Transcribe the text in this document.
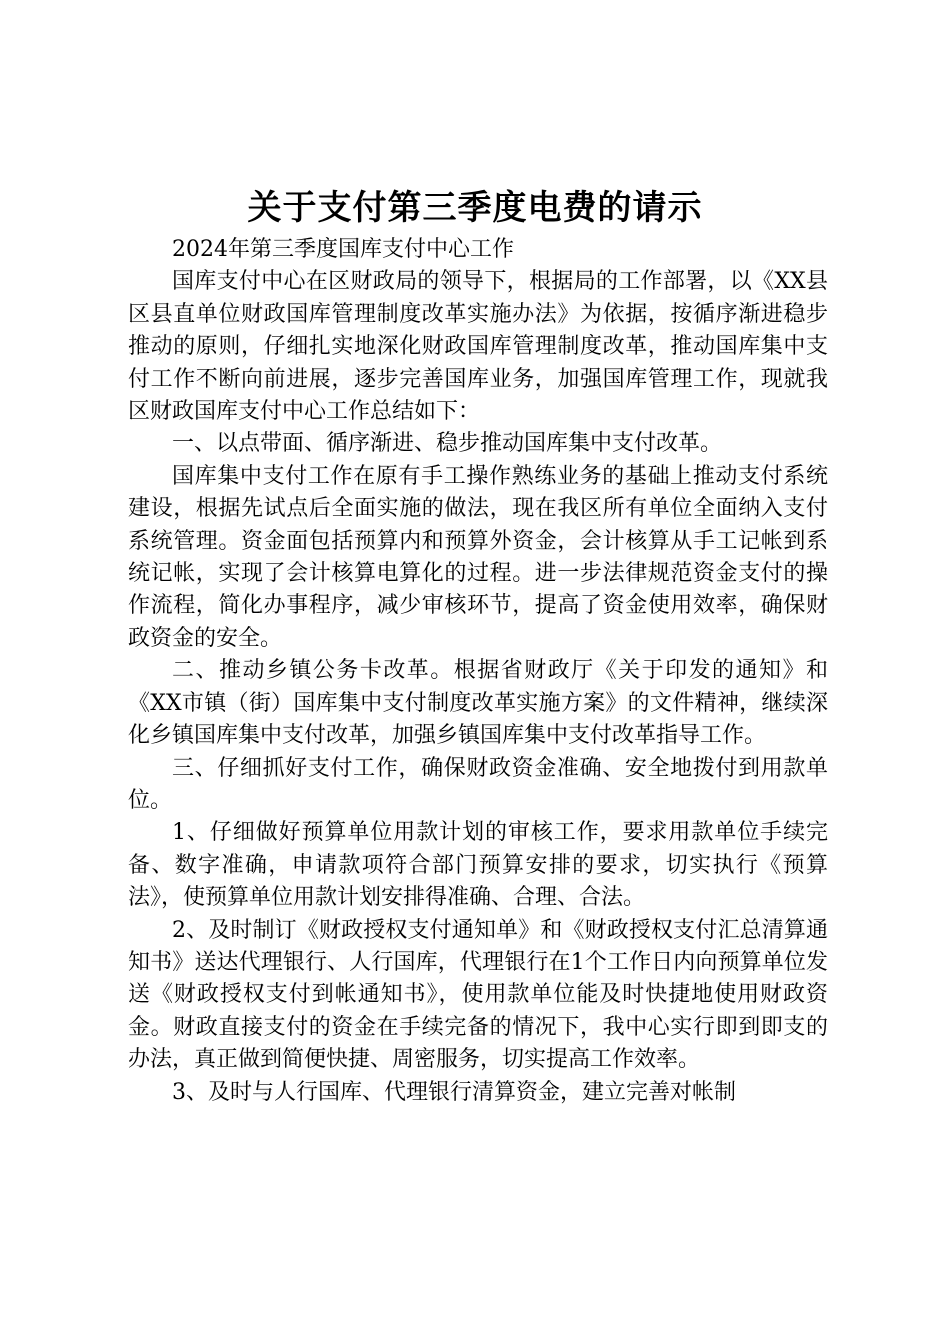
关于支付第三季度电费的请示

2024年第三季度国库支付中心工作

国库支付中心在区财政局的领导下，根据局的工作部署，以《XX县区县直单位财政国库管理制度改革实施办法》为依据，按循序渐进稳步推动的原则，仔细扎实地深化财政国库管理制度改革，推动国库集中支付工作不断向前进展，逐步完善国库业务，加强国库管理工作，现就我区财政国库支付中心工作总结如下：

一、以点带面、循序渐进、稳步推动国库集中支付改革。

国库集中支付工作在原有手工操作熟练业务的基础上推动支付系统建设，根据先试点后全面实施的做法，现在我区所有单位全面纳入支付系统管理。资金面包括预算内和预算外资金，会计核算从手工记帐到系统记帐，实现了会计核算电算化的过程。进一步法律规范资金支付的操作流程，简化办事程序，减少审核环节，提高了资金使用效率，确保财政资金的安全。

二、推动乡镇公务卡改革。根据省财政厅《关于印发的通知》和《XX市镇（街）国库集中支付制度改革实施方案》的文件精神，继续深化乡镇国库集中支付改革，加强乡镇国库集中支付改革指导工作。

三、仔细抓好支付工作，确保财政资金准确、安全地拨付到用款单位。

1、仔细做好预算单位用款计划的审核工作，要求用款单位手续完备、数字准确，申请款项符合部门预算安排的要求，切实执行《预算法》，使预算单位用款计划安排得准确、合理、合法。

2、及时制订《财政授权支付通知单》和《财政授权支付汇总清算通知书》送达代理银行、人行国库，代理银行在1个工作日内向预算单位发送《财政授权支付到帐通知书》，使用款单位能及时快捷地使用财政资金。财政直接支付的资金在手续完备的情况下，我中心实行即到即支的办法，真正做到简便快捷、周密服务，切实提高工作效率。

3、及时与人行国库、代理银行清算资金，建立完善对帐制
